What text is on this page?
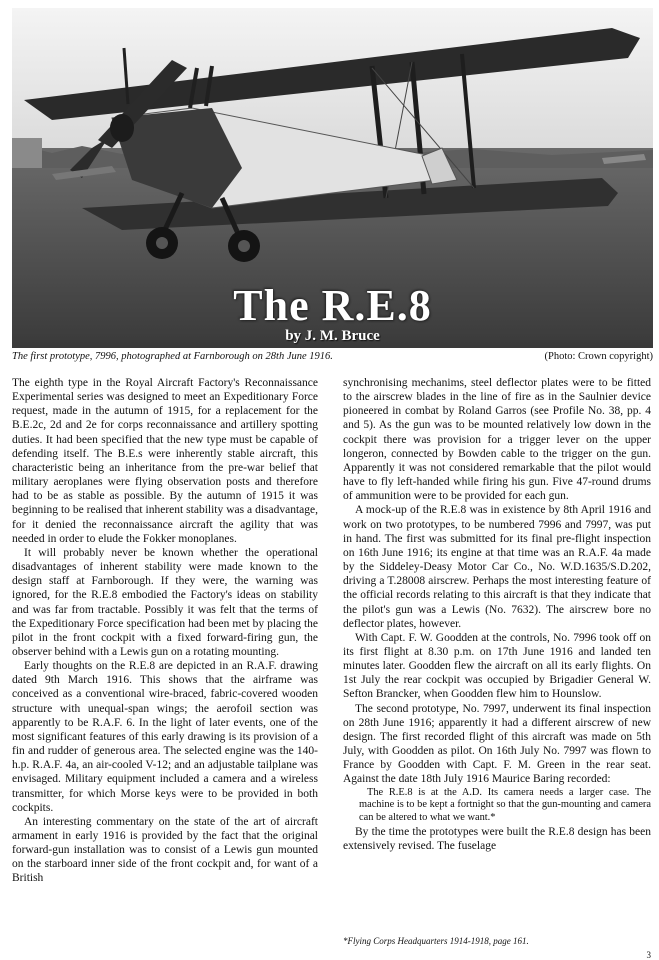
The R.E.8
by J. M. Bruce
The first prototype, 7996, photographed at Farnborough on 28th June 1916.	(Photo: Crown copyright)

The eighth type in the Royal Aircraft Factory's Reconnaissance Experimental series was designed to meet an Expeditionary Force request, made in the autumn of 1915, for a replacement for the B.E.2c, 2d and 2e for corps reconnaissance and artillery spotting duties. It had been specified that the new type must be capable of defending itself. The B.E.s were inherently stable aircraft, this characteristic being an inheritance from the pre-war belief that military aeroplanes were flying observation posts and therefore had to be as stable as possible. By the autumn of 1915 it was beginning to be realised that inherent stability was a disadvantage, for it denied the reconnaissance aircraft the agility that was needed in order to elude the Fokker monoplanes.

It will probably never be known whether the operational disadvantages of inherent stability were made known to the design staff at Farnborough. If they were, the warning was ignored, for the R.E.8 embodied the Factory's ideas on stability and was far from tractable. Possibly it was felt that the terms of the Expeditionary Force specification had been met by placing the pilot in the front cockpit with a fixed forward-firing gun, the observer behind with a Lewis gun on a rotating mounting.

Early thoughts on the R.E.8 are depicted in an R.A.F. drawing dated 9th March 1916. This shows that the airframe was conceived as a conventional wire-braced, fabric-covered wooden structure with unequal-span wings; the aerofoil section was apparently to be R.A.F. 6. In the light of later events, one of the most significant features of this early drawing is its provision of a fin and rudder of generous area. The selected engine was the 140-h.p. R.A.F. 4a, an air-cooled V-12; and an adjustable tailplane was envisaged. Military equipment included a camera and a wireless transmitter, for which Morse keys were to be provided in both cockpits.

An interesting commentary on the state of the art of aircraft armament in early 1916 is provided by the fact that the original forward-gun installation was to consist of a Lewis gun mounted on the starboard inner side of the front cockpit and, for want of a British

synchronising mechanims, steel deflector plates were to be fitted to the airscrew blades in the line of fire as in the Saulnier device pioneered in combat by Roland Garros (see Profile No. 38, pp. 4 and 5). As the gun was to be mounted relatively low down in the cockpit there was provision for a trigger lever on the upper longeron, connected by Bowden cable to the trigger on the gun. Apparently it was not considered remarkable that the pilot would have to fly left-handed while firing his gun. Five 47-round drums of ammunition were to be provided for each gun.

A mock-up of the R.E.8 was in existence by 8th April 1916 and work on two prototypes, to be numbered 7996 and 7997, was put in hand. The first was submitted for its final pre-flight inspection on 16th June 1916; its engine at that time was an R.A.F. 4a made by the Siddeley-Deasy Motor Car Co., No. W.D.1635/S.D.202, driving a T.28008 airscrew. Perhaps the most interesting feature of the official records relating to this aircraft is that they indicate that the pilot's gun was a Lewis (No. 7632). The airscrew bore no deflector plates, however.

With Capt. F. W. Goodden at the controls, No. 7996 took off on its first flight at 8.30 p.m. on 17th June 1916 and landed ten minutes later. Goodden flew the aircraft on all its early flights. On 1st July the rear cockpit was occupied by Brigadier General W. Sefton Brancker, when Goodden flew him to Hounslow.

The second prototype, No. 7997, underwent its final inspection on 28th June 1916; apparently it had a different airscrew of new design. The first recorded flight of this aircraft was made on 5th July, with Goodden as pilot. On 16th July No. 7997 was flown to France by Goodden with Capt. F. M. Green in the rear seat. Against the date 18th July 1916 Maurice Baring recorded:

The R.E.8 is at the A.D. Its camera needs a larger case. The machine is to be kept a fortnight so that the gun-mounting and camera can be altered to what we want.*

By the time the prototypes were built the R.E.8 design has been extensively revised. The fuselage

*Flying Corps Headquarters 1914-1918, page 161.
3
